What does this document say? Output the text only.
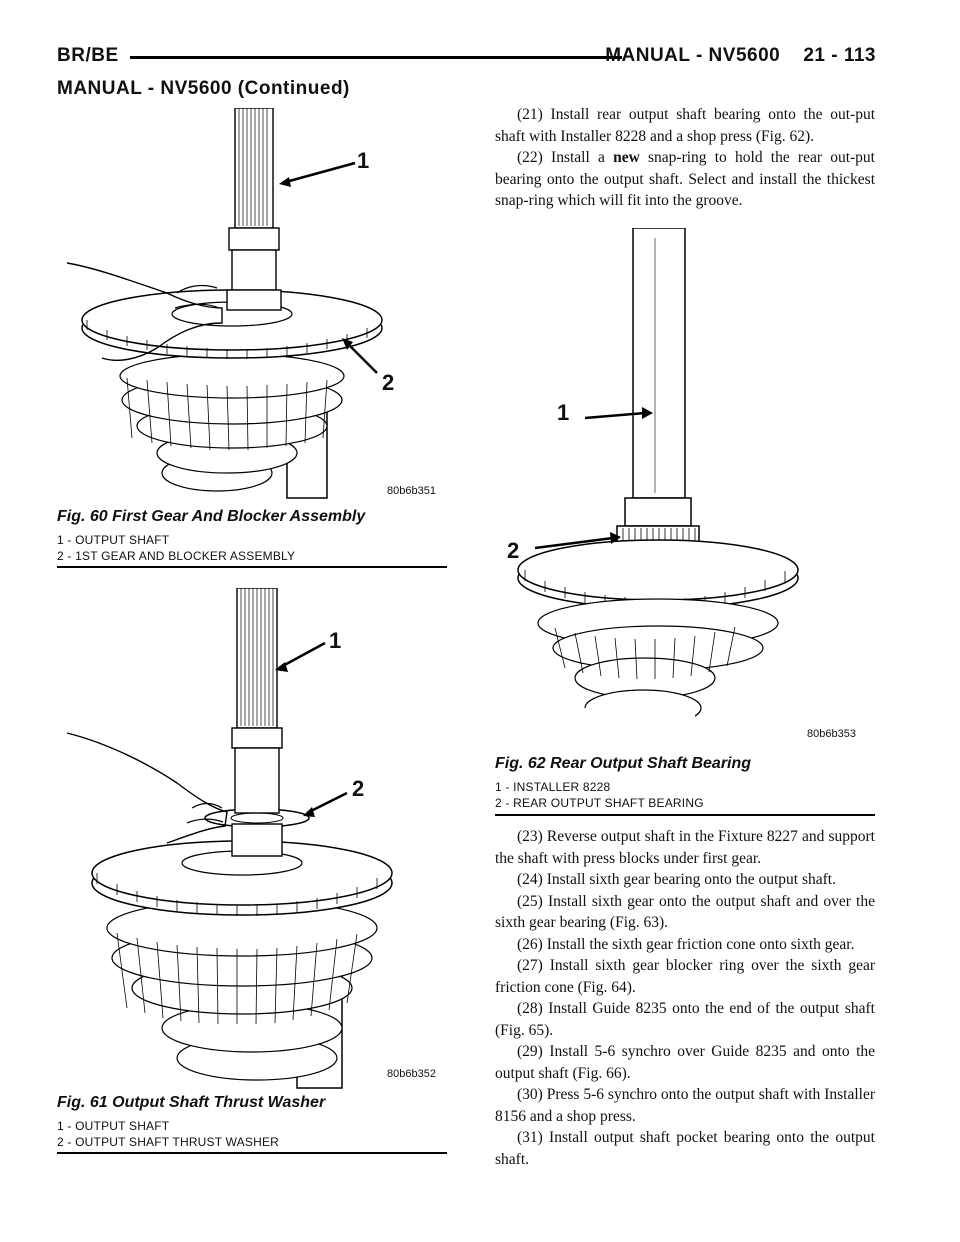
BR/BE	MANUAL - NV5600    21 - 113
MANUAL - NV5600 (Continued)
1
2
80b6b351
Fig. 60 First Gear And Blocker Assembly
1 - OUTPUT SHAFT
2 - 1ST GEAR AND BLOCKER ASSEMBLY
1
2
80b6b352
Fig. 61 Output Shaft Thrust Washer
1 - OUTPUT SHAFT
2 - OUTPUT SHAFT THRUST WASHER

(21) Install rear output shaft bearing onto the out-put shaft with Installer 8228 and a shop press (Fig. 62).

(22) Install a new snap-ring to hold the rear out-put bearing onto the output shaft. Select and install the thickest snap-ring which will fit into the groove.

1
2
80b6b353
Fig. 62 Rear Output Shaft Bearing
1 - INSTALLER 8228
2 - REAR OUTPUT SHAFT BEARING

(23) Reverse output shaft in the Fixture 8227 and support the shaft with press blocks under first gear.

(24) Install sixth gear bearing onto the output shaft.

(25) Install sixth gear onto the output shaft and over the sixth gear bearing (Fig. 63).

(26) Install the sixth gear friction cone onto sixth gear.

(27) Install sixth gear blocker ring over the sixth gear friction cone (Fig. 64).

(28) Install Guide 8235 onto the end of the output shaft (Fig. 65).

(29) Install 5-6 synchro over Guide 8235 and onto the output shaft (Fig. 66).

(30) Press 5-6 synchro onto the output shaft with Installer 8156 and a shop press.

(31) Install output shaft pocket bearing onto the output shaft.
